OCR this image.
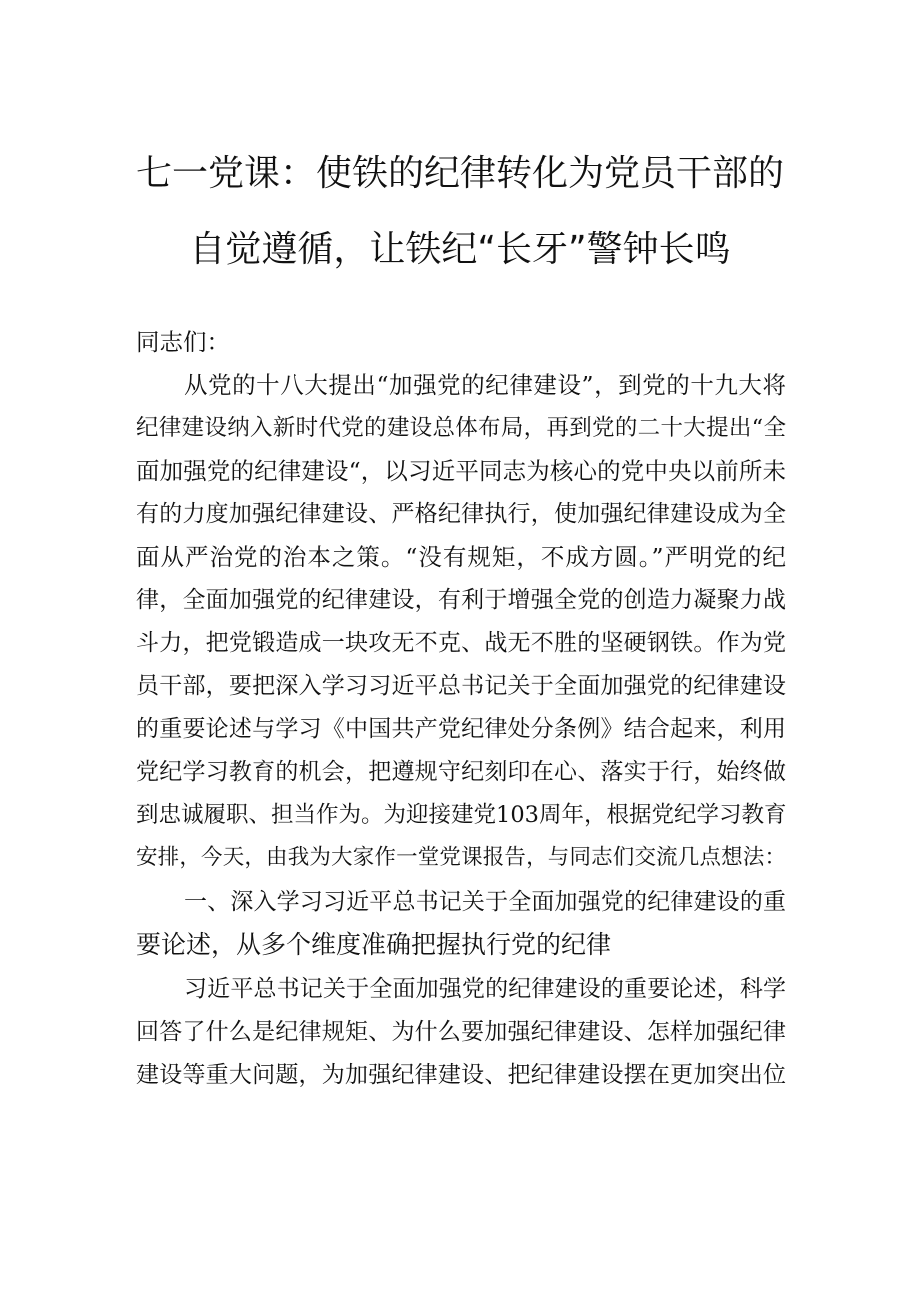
七一党课：使铁的纪律转化为党员干部的
自觉遵循，让铁纪“长牙”警钟长鸣
同志们：
从党的十八大提出“加强党的纪律建设”，到党的十九大将
纪律建设纳入新时代党的建设总体布局，再到党的二十大提出“全
面加强党的纪律建设“，以习近平同志为核心的党中央以前所未
有的力度加强纪律建设、严格纪律执行，使加强纪律建设成为全
面从严治党的治本之策。“没有规矩，不成方圆。”严明党的纪
律，全面加强党的纪律建设，有利于增强全党的创造力凝聚力战
斗力，把党锻造成一块攻无不克、战无不胜的坚硬钢铁。作为党
员干部，要把深入学习习近平总书记关于全面加强党的纪律建设
的重要论述与学习《中国共产党纪律处分条例》结合起来，利用
党纪学习教育的机会，把遵规守纪刻印在心、落实于行，始终做
到忠诚履职、担当作为。为迎接建党103周年，根据党纪学习教育
安排，今天，由我为大家作一堂党课报告，与同志们交流几点想法：
一、深入学习习近平总书记关于全面加强党的纪律建设的重
要论述，从多个维度准确把握执行党的纪律
习近平总书记关于全面加强党的纪律建设的重要论述，科学
回答了什么是纪律规矩、为什么要加强纪律建设、怎样加强纪律
建设等重大问题，为加强纪律建设、把纪律建设摆在更加突出位
